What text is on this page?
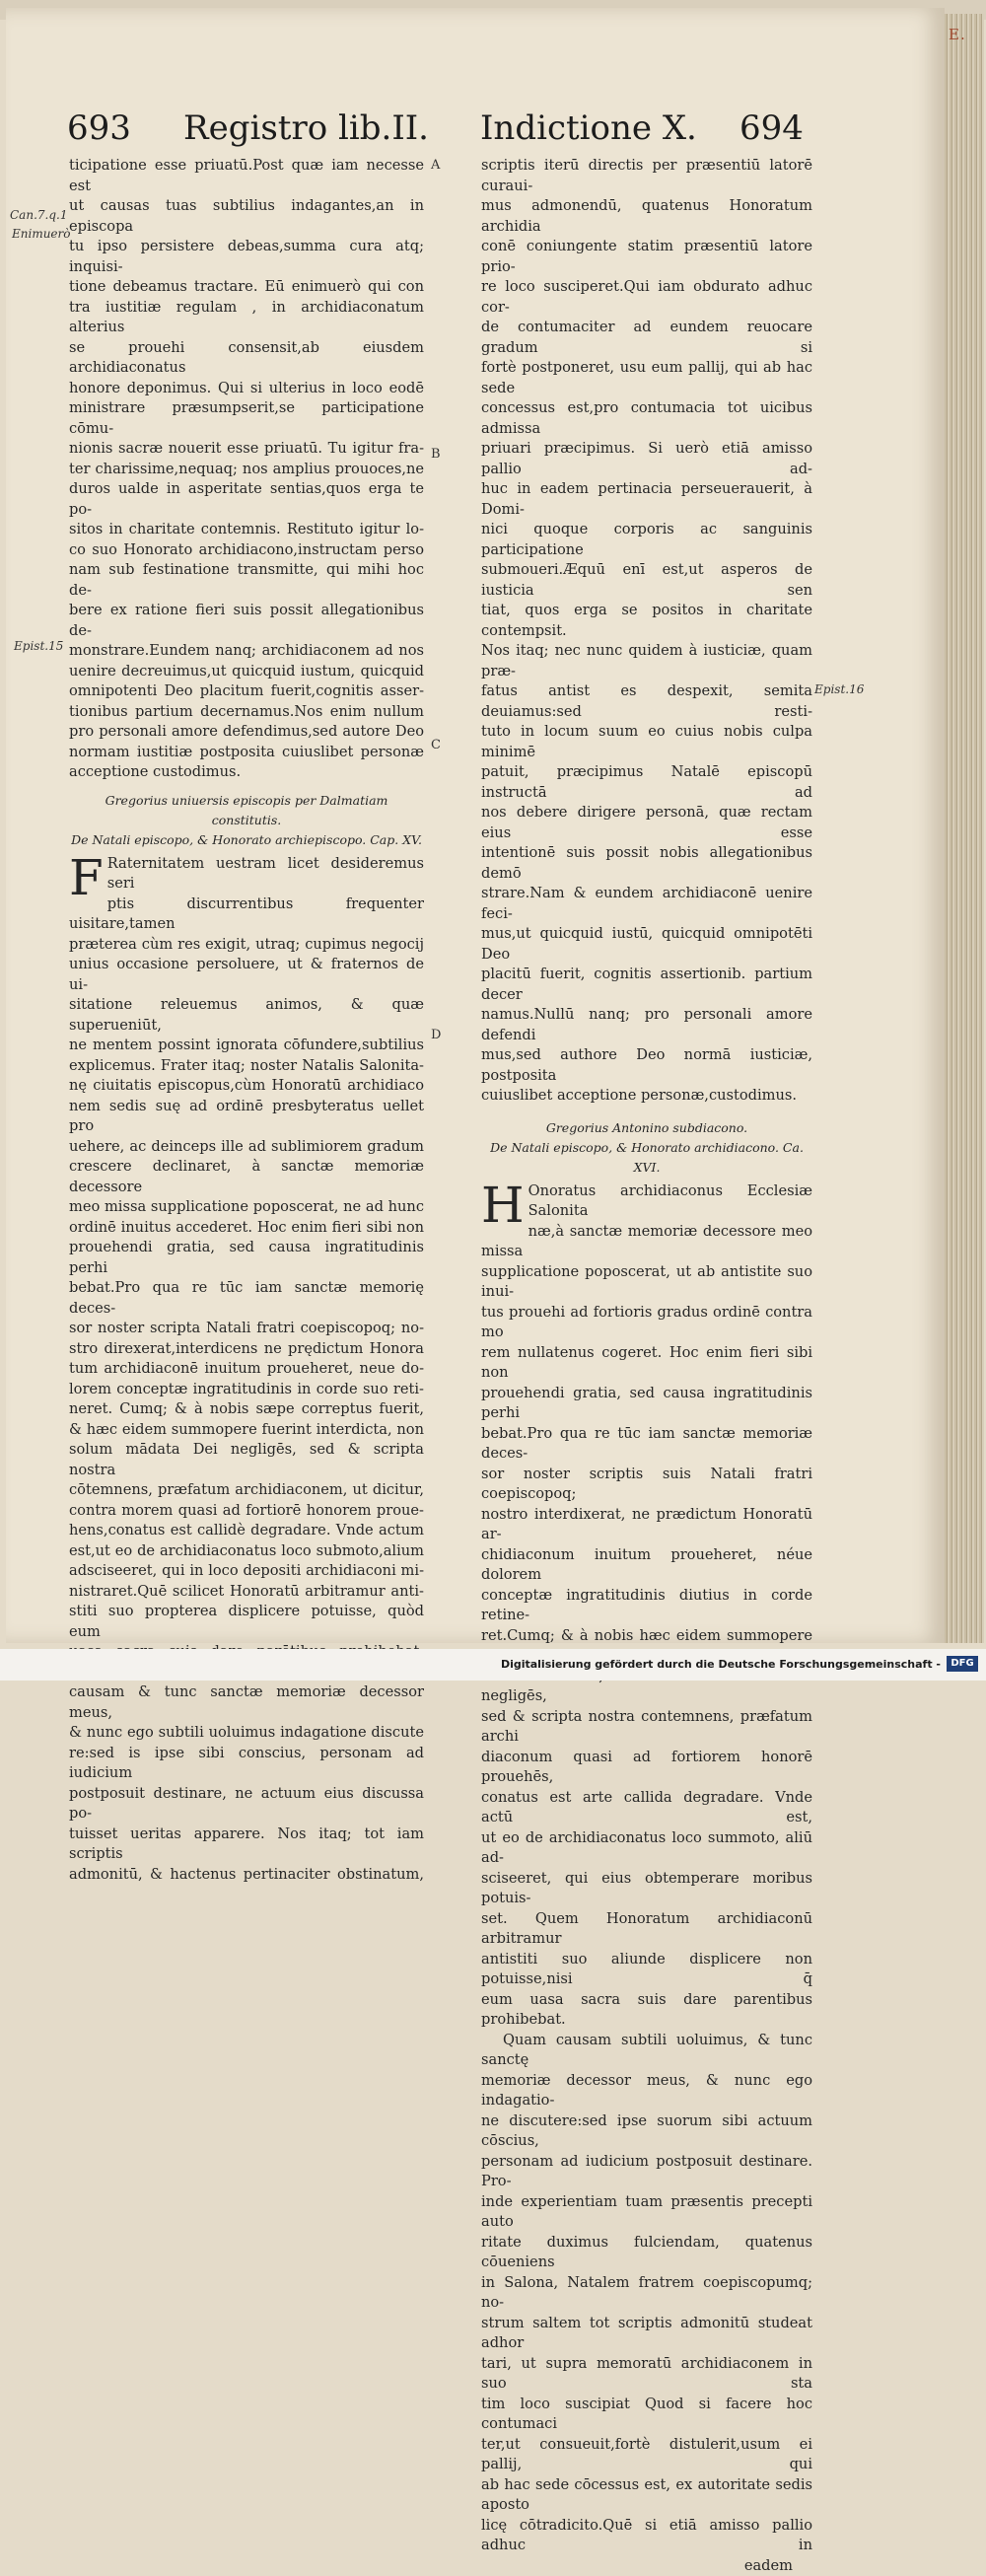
E.
693 Registro lib.II. Indictione X. 694
Can.7.q.1
Enimuerò
Epist.15
Epist.16
A
B
C
D

ticipatione esse priuatū.Post quæ iam necesse est

ut causas tuas subtilius indagantes,an in episcopa

tu ipso persistere debeas,summa cura atq; inquisi-

tione debeamus tractare. Eū enimuerò qui con

tra iustitiæ regulam , in archidiaconatum alterius

se prouehi consensit,ab eiusdem archidiaconatus

honore deponimus. Qui si ulterius in loco eodē

ministrare præsumpserit,se participatione cōmu-

nionis sacræ nouerit esse priuatū. Tu igitur fra-

ter charissime,nequaq; nos amplius prouoces,ne

duros ualde in asperitate sentias,quos erga te po-

sitos in charitate contemnis. Restituto igitur lo-

co suo Honorato archidiacono,instructam perso

nam sub festinatione transmitte, qui mihi hoc de-

bere ex ratione fieri suis possit allegationibus de-

monstrare.Eundem nanq; archidiaconem ad nos

uenire decreuimus,ut quicquid iustum, quicquid

omnipotenti Deo placitum fuerit,cognitis asser-

tionibus partium decernamus.Nos enim nullum

pro personali amore defendimus,sed autore Deo

normam iustitiæ postposita cuiuslibet personæ

acceptione custodimus.

Gregorius uniuersis episcopis per Dalmatiam constitutis.
De Natali episcopo, & Honorato archiepiscopo. Cap. XV.
F Raternitatem uestram licet desideremus seri

ptis discurrentibus frequenter uisitare,tamen

præterea cùm res exigit, utraq; cupimus negocij

unius occasione persoluere, ut & fraternos de ui-

sitatione releuemus animos, & quæ superueniūt,

ne mentem possint ignorata cōfundere,subtilius

explicemus. Frater itaq; noster Natalis Salonita-

nę ciuitatis episcopus,cùm Honoratū archidiaco

nem sedis suę ad ordinē presbyteratus uellet pro

uehere, ac deinceps ille ad sublimiorem gradum

crescere declinaret, à sanctæ memoriæ decessore

meo missa supplicatione poposcerat, ne ad hunc

ordinē inuitus accederet. Hoc enim fieri sibi non

prouehendi gratia, sed causa ingratitudinis perhi

bebat.Pro qua re tūc iam sanctæ memorię deces-

sor noster scripta Natali fratri coepiscopoq; no-

stro direxerat,interdicens ne prędictum Honora

tum archidiaconē inuitum proueheret, neue do-

lorem conceptæ ingratitudinis in corde suo reti-

neret. Cumq; & à nobis sæpe correptus fuerit,

& hæc eidem summopere fuerint interdicta, non

solum mādata Dei negligēs, sed & scripta nostra

cōtemnens, præfatum archidiaconem, ut dicitur,

contra morem quasi ad fortiorē honorem proue-

hens,conatus est callidè degradare. Vnde actum

est,ut eo de archidiaconatus loco submoto,alium

adsciseeret, qui in loco depositi archidiaconi mi-

nistraret.Quē scilicet Honoratū arbitramur anti-

stiti suo propterea displicere potuisse, quòd eum

causam & tunc sanctæ memoriæ decessor meus,

& nunc ego subtili uoluimus indagatione discute

re:sed is ipse sibi conscius, personam ad iudicium

postposuit destinare, ne actuum eius discussa po-

tuisset ueritas apparere. Nos itaq; tot iam scriptis

admonitū, & hactenus pertinaciter obstinatum,

scriptis iterū directis per præsentiū latorē curaui-

mus admonendū, quatenus Honoratum archidia

conē coniungente statim præsentiū latore prio-

re loco susciperet.Qui iam obdurato adhuc cor-

de contumaciter ad eundem reuocare gradum si

fortè postponeret, usu eum pallij, qui ab hac sede

concessus est,pro contumacia tot uicibus admissa

priuari præcipimus. Si uerò etiā amisso pallio ad-

huc in eadem pertinacia perseuerauerit, à Domi-

nici quoque corporis ac sanguinis participatione

submoueri.Æquū enī est,ut asperos de iusticia sen

tiat, quos erga se positos in charitate contempsit.

Nos itaq; nec nunc quidem à iusticiæ, quam præ-

fatus antist es despexit, semita deuiamus:sed resti-

tuto in locum suum eo cuius nobis culpa minimē

patuit, præcipimus Natalē episcopū instructā ad

nos debere dirigere personā, quæ rectam eius esse

intentionē suis possit nobis allegationibus demō

strare.Nam & eundem archidiaconē uenire feci-

mus,ut quicquid iustū, quicquid omnipotēti Deo

placitū fuerit, cognitis assertionib. partium decer

namus.Nullū nanq; pro personali amore defendi

mus,sed authore Deo normā iusticiæ, postposita

cuiuslibet acceptione personæ,custodimus.

Gregorius Antonino subdiacono.
De Natali episcopo, & Honorato archidiacono. Ca. XVI.
H Onoratus archidiaconus Ecclesiæ Salonita

næ,à sanctæ memoriæ decessore meo missa

supplicatione poposcerat, ut ab antistite suo inui-

tus prouehi ad fortioris gradus ordinē contra mo

rem nullatenus cogeret. Hoc enim fieri sibi non

prouehendi gratia, sed causa ingratitudinis perhi

bebat.Pro qua re tūc iam sanctæ memoriæ deces-

sor noster scriptis suis Natali fratri coepiscopoq;

nostro interdixerat, ne prædictum Honoratū ar-

chidiaconum inuitum proueheret, néue dolorem

conceptæ ingratitudinis diutius in corde retine-

ret.Cumq; & à nobis hæc eidem summopere

negligēs,

sed & scripta nostra contemnens, præfatum archi

diaconum quasi ad fortiorem honorē prouehēs,

conatus est arte callida degradare. Vnde actū est,

ut eo de archidiaconatus loco summoto, aliū ad-

sciseeret, qui eius obtemperare moribus potuis-

set. Quem Honoratum archidiaconū arbitramur

antistiti suo aliunde displicere non potuisse,nisi q̄

eum uasa sacra suis dare parentibus prohibebat.

Quam causam subtili uoluimus, & tunc sanctę

memoriæ decessor meus, & nunc ego indagatio-

ne discutere:sed ipse suorum sibi actuum cōscius,

personam ad iudicium postposuit destinare. Pro-

inde experientiam tuam præsentis precepti auto

ritate duximus fulciendam, quatenus cōueniens

in Salona, Natalem fratrem coepiscopumq; no-

strum saltem tot scriptis admonitū studeat adhor

tari, ut supra memoratū archidiaconem in suo sta

tim loco suscipiat Quod si facere hoc contumaci

ter,ut consueuit,fortè distulerit,usum ei pallij, qui

ab hac sede cōcessus est, ex autoritate sedis aposto

licę cōtradicito.Quē si etiā amisso pallio adhuc in

eadem
Digitalisierung gefördert durch die Deutsche Forschungsgemeinschaft -	DFG
